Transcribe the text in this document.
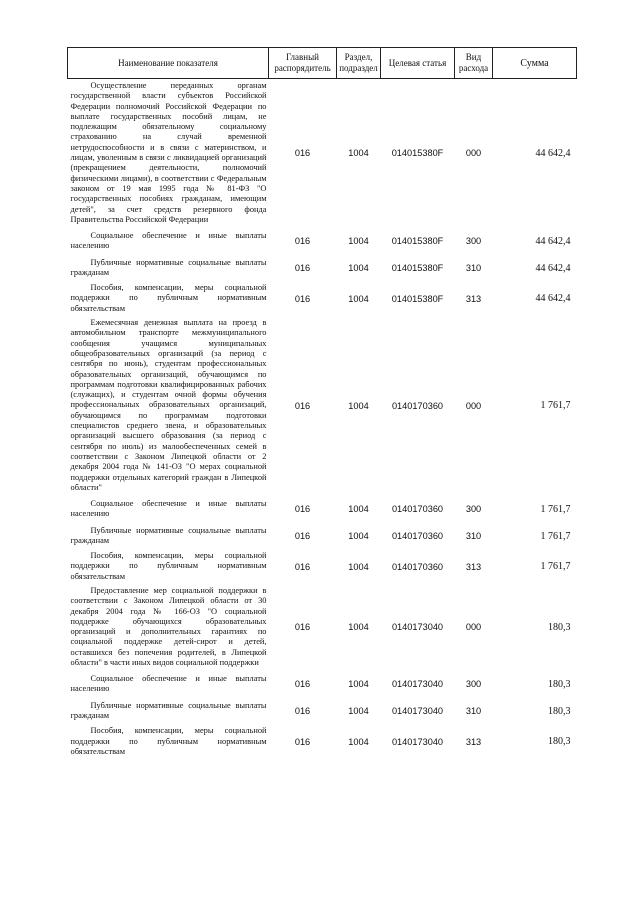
Наименование показателя	Главный распорядитель	Раздел, подраздел	Целевая статья	Вид расхода	Сумма
Осуществление переданных органам государственной власти субъектов Российской Федерации полномочий Российской Федерации по выплате государственных пособий лицам, не подлежащим обязательному социальному страхованию на случай временной нетрудоспособности и в связи с материнством, и лицам, уволенным в связи с ликвидацией организаций (прекращением деятельности, полномочий физическими лицами), в соответствии с Федеральным законом от 19 мая 1995 года № 81-ФЗ "О государственных пособиях гражданам, имеющим детей", за счет средств резервного фонда Правительства Российской Федерации	016	1004	014015380F	000	44 642,4
Социальное обеспечение и иные выплаты населению	016	1004	014015380F	300	44 642,4
Публичные нормативные социальные выплаты гражданам	016	1004	014015380F	310	44 642,4
Пособия, компенсации, меры социальной поддержки по публичным нормативным обязательствам	016	1004	014015380F	313	44 642,4
Ежемесячная денежная выплата на проезд в автомобильном транспорте межмуниципального сообщения учащимся муниципальных общеобразовательных организаций (за период с сентября по июнь), студентам профессиональных образовательных организаций, обучающимся по программам подготовки квалифицированных рабочих (служащих), и студентам очной формы обучения профессиональных образовательных организаций, обучающимся по программам подготовки специалистов среднего звена, и образовательных организаций высшего образования (за период с сентября по июль) из малообеспеченных семей в соответствии с Законом Липецкой области от 2 декабря 2004 года № 141-ОЗ "О мерах социальной поддержки отдельных категорий граждан в Липецкой области"	016	1004	0140170360	000	1 761,7
Социальное обеспечение и иные выплаты населению	016	1004	0140170360	300	1 761,7
Публичные нормативные социальные выплаты гражданам	016	1004	0140170360	310	1 761,7
Пособия, компенсации, меры социальной поддержки по публичным нормативным обязательствам	016	1004	0140170360	313	1 761,7
Предоставление мер социальной поддержки в соответствии с Законом Липецкой области от 30 декабря 2004 года № 166-ОЗ "О социальной поддержке обучающихся образовательных организаций и дополнительных гарантиях по социальной поддержке детей-сирот и детей, оставшихся без попечения родителей, в Липецкой области" в части иных видов социальной поддержки	016	1004	0140173040	000	180,3
Социальное обеспечение и иные выплаты населению	016	1004	0140173040	300	180,3
Публичные нормативные социальные выплаты гражданам	016	1004	0140173040	310	180,3
Пособия, компенсации, меры социальной поддержки по публичным нормативным обязательствам	016	1004	0140173040	313	180,3
